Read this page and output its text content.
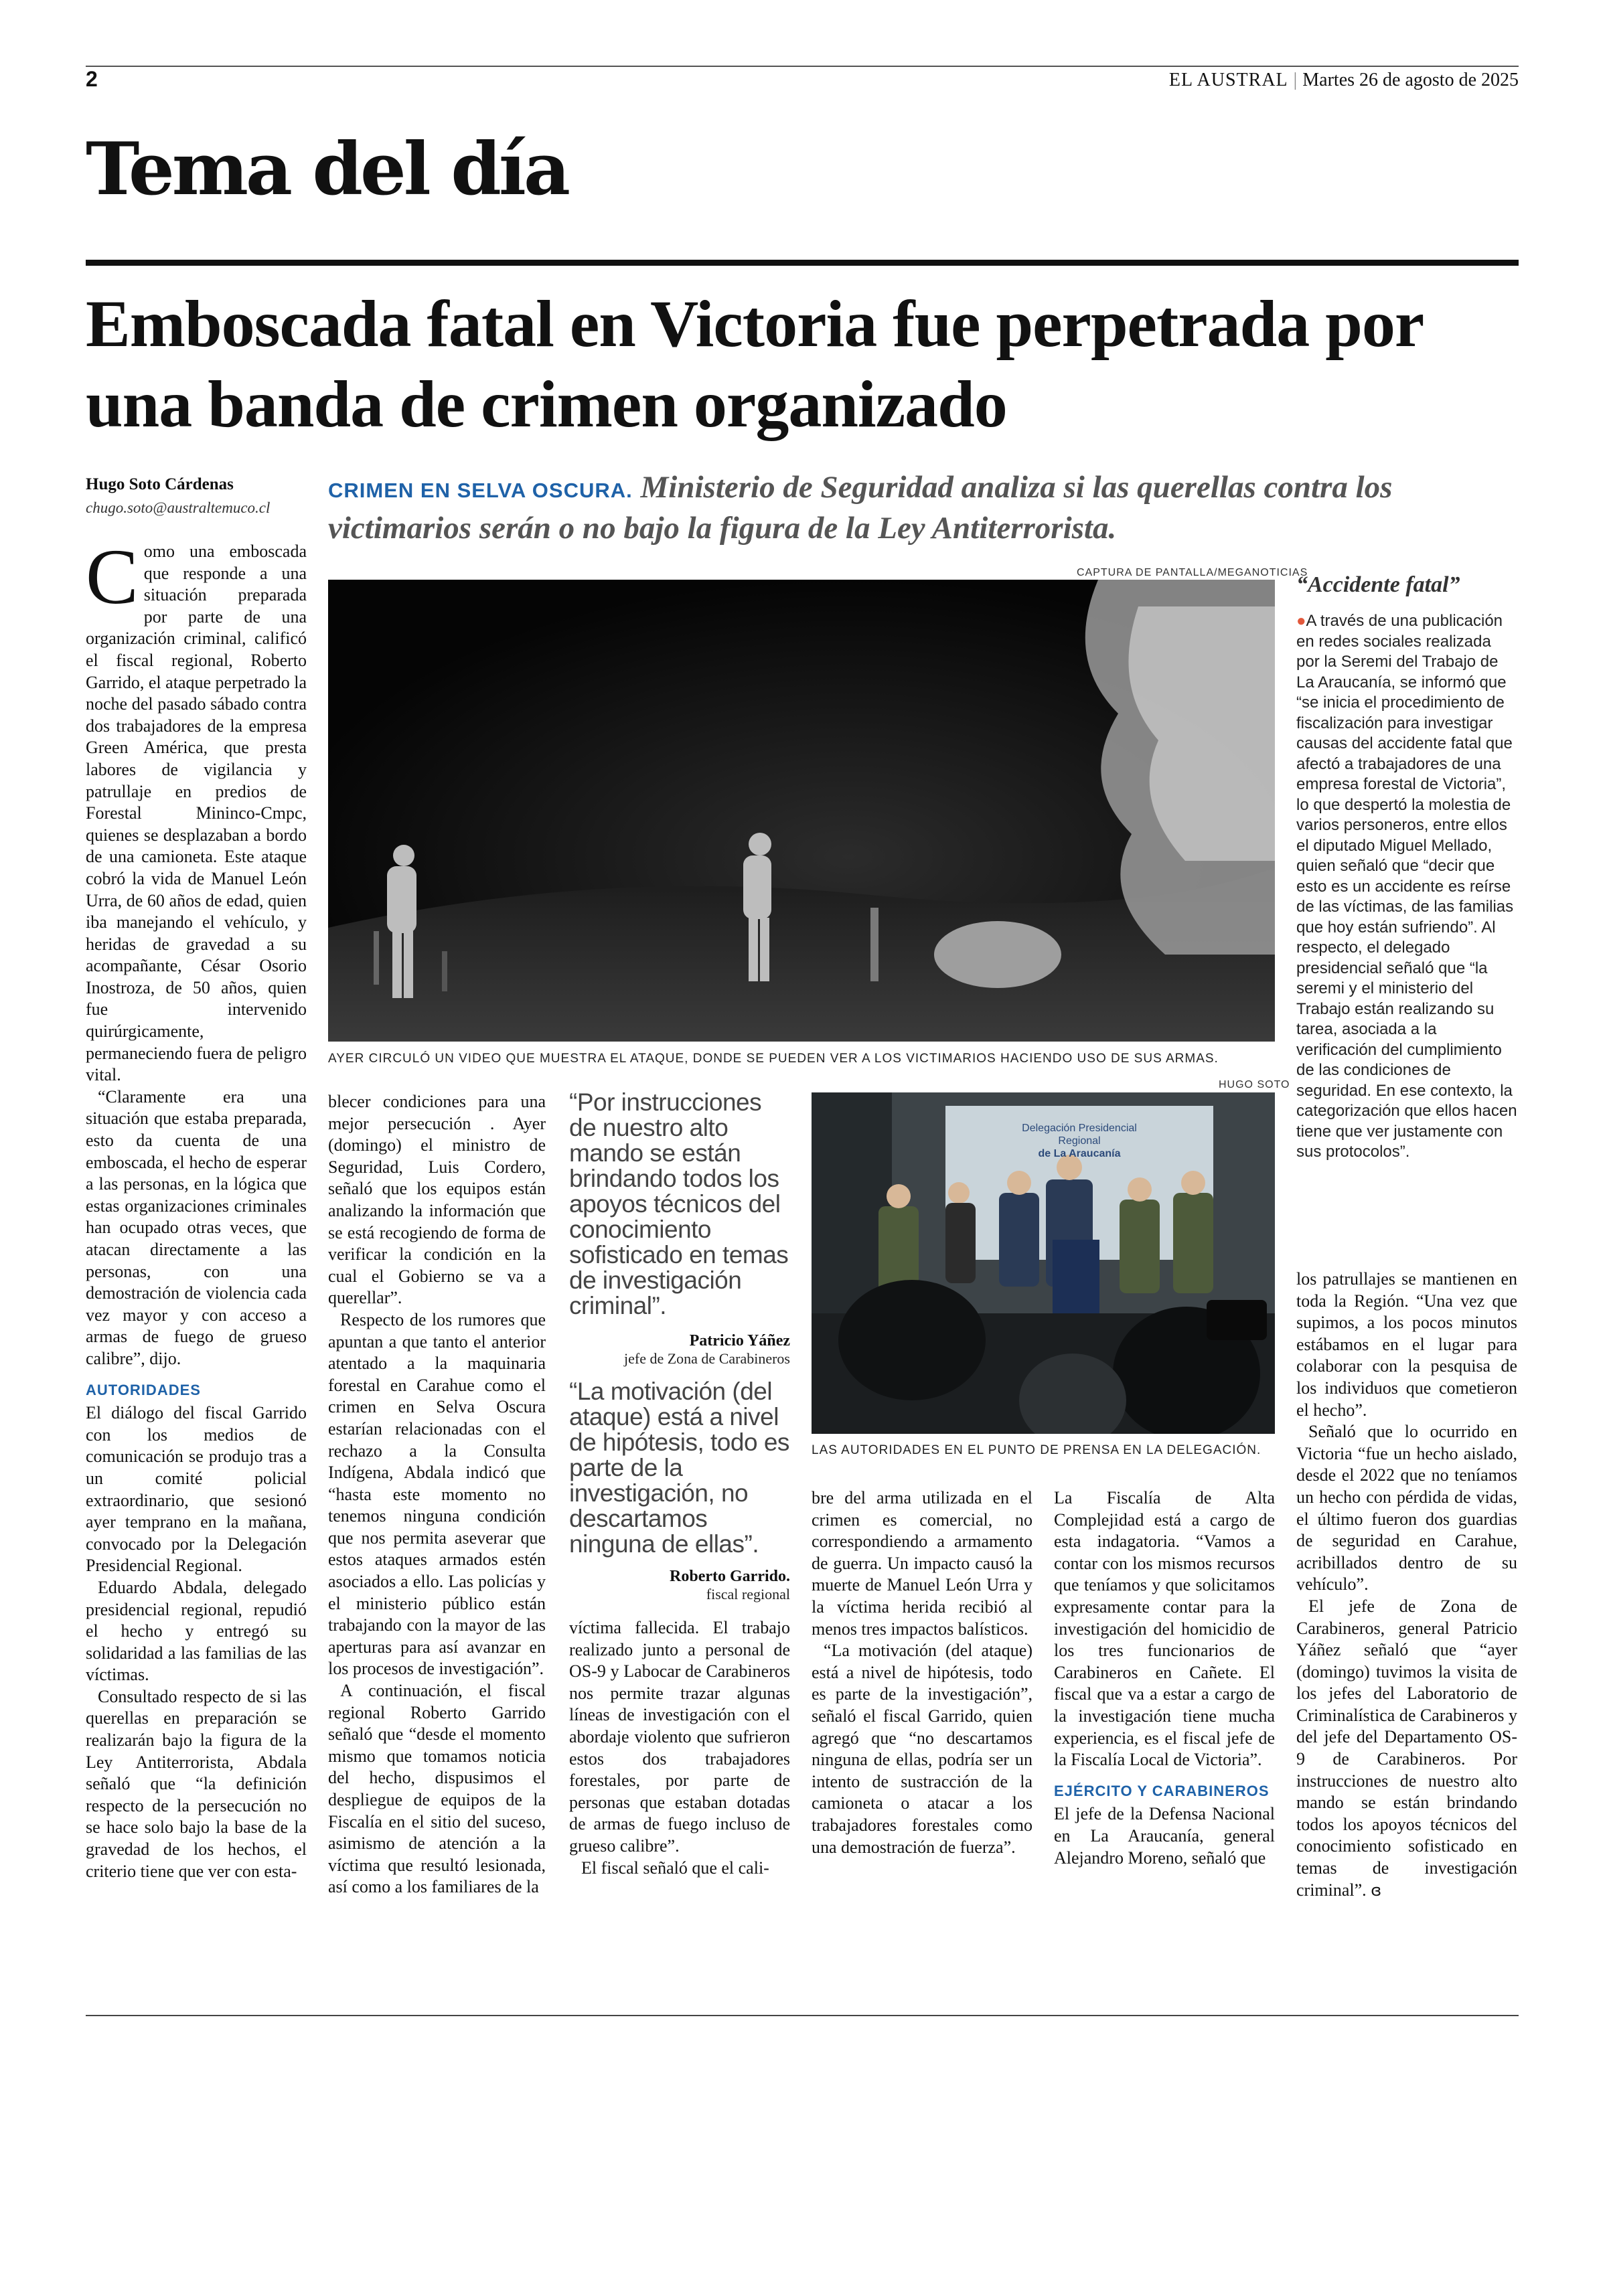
2	EL AUSTRAL | Martes 26 de agosto de 2025
Tema del día
Emboscada fatal en Victoria fue perpetrada por una banda de crimen organizado
Hugo Soto Cárdenas
chugo.soto@australtemuco.cl
CRIMEN EN SELVA OSCURA. Ministerio de Seguridad analiza si las querellas contra los victimarios serán o no bajo la figura de la Ley Antiterrorista.
CAPTURA DE PANTALLA/MEGANOTICIAS
AYER CIRCULÓ UN VIDEO QUE MUESTRA EL ATAQUE, DONDE SE PUEDEN VER A LOS VICTIMARIOS HACIENDO USO DE SUS ARMAS.

Como una emboscada que responde a una situación preparada por parte de una organización criminal, calificó el fiscal regional, Roberto Garrido, el ataque perpetrado la noche del pasado sábado contra dos trabajadores de la empresa Green América, que presta labores de vigilancia y patrullaje en predios de Forestal Mininco-Cmpc, quienes se desplazaban a bordo de una camioneta. Este ataque cobró la vida de Manuel León Urra, de 60 años de edad, quien iba manejando el vehículo, y heridas de gravedad a su acompañante, César Osorio Inostroza, de 50 años, quien fue intervenido quirúrgicamente, permaneciendo fuera de peligro vital.

“Claramente era una situación que estaba preparada, esto da cuenta de una emboscada, el hecho de esperar a las personas, en la lógica que estas organizaciones criminales han ocupado otras veces, que atacan directamente a las personas, con una demostración de violencia cada vez mayor y con acceso a armas de fuego de grueso calibre”, dijo.

AUTORIDADES

El diálogo del fiscal Garrido con los medios de comunicación se produjo tras a un comité policial extraordinario, que sesionó ayer temprano en la mañana, convocado por la Delegación Presidencial Regional.

Eduardo Abdala, delegado presidencial regional, repudió el hecho y entregó su solidaridad a las familias de las víctimas.

Consultado respecto de si las querellas en preparación se realizarán bajo la figura de la Ley Antiterrorista, Abdala señaló que “la definición respecto de la persecución no se hace solo bajo la base de la gravedad de los hechos, el criterio tiene que ver con esta-

blecer condiciones para una mejor persecución . Ayer (domingo) el ministro de Seguridad, Luis Cordero, señaló que los equipos están analizando la información que se está recogiendo de forma de verificar la condición en la cual el Gobierno se va a querellar”.

Respecto de los rumores que apuntan a que tanto el anterior atentado a la maquinaria forestal en Carahue como el crimen en Selva Oscura estarían relacionadas con el rechazo a la Consulta Indígena, Abdala indicó que “hasta este momento no tenemos ninguna condición que nos permita aseverar que estos ataques armados estén asociados a ello. Las policías y el ministerio público están trabajando con la mayor de las aperturas para así avanzar en los procesos de investigación”.

A continuación, el fiscal regional Roberto Garrido señaló que “desde el momento mismo que tomamos noticia del hecho, dispusimos el despliegue de equipos de la Fiscalía en el sitio del suceso, asimismo de atención a la víctima que resultó lesionada, así como a los familiares de la

“Por instrucciones de nuestro alto mando se están brindando todos los apoyos técnicos del conocimiento sofisticado en temas de investigación criminal”.
Patricio Yáñez
jefe de Zona de Carabineros
“La motivación (del ataque) está a nivel de hipótesis, todo es parte de la investigación, no descartamos ninguna de ellas”.
Roberto Garrido.
fiscal regional
HUGO SOTO
Delegación Presidencial Regional
de La Araucanía
LAS AUTORIDADES EN EL PUNTO DE PRENSA EN LA DELEGACIÓN.

víctima fallecida. El trabajo realizado junto a personal de OS-9 y Labocar de Carabineros nos permite trazar algunas líneas de investigación con el abordaje violento que sufrieron estos dos trabajadores forestales, por parte de personas que estaban dotadas de armas de fuego incluso de grueso calibre”.

El fiscal señaló que el cali-

bre del arma utilizada en el crimen es comercial, no correspondiendo a armamento de guerra. Un impacto causó la muerte de Manuel León Urra y la víctima herida recibió al menos tres impactos balísticos.

“La motivación (del ataque) está a nivel de hipótesis, todo es parte de la investigación”, señaló el fiscal Garrido, quien agregó que “no descartamos ninguna de ellas, podría ser un intento de sustracción de la camioneta o atacar a los trabajadores forestales como una demostración de fuerza”.

La Fiscalía de Alta Complejidad está a cargo de esta indagatoria. “Vamos a contar con los mismos recursos que teníamos y que solicitamos expresamente contar para la investigación del homicidio de los tres funcionarios de Carabineros en Cañete. El fiscal que va a estar a cargo de la investigación tiene mucha experiencia, es el fiscal jefe de la Fiscalía Local de Victoria”.

EJÉRCITO Y CARABINEROS

El jefe de la Defensa Nacional en La Araucanía, general Alejandro Moreno, señaló que

“Accidente fatal”
●A través de una publicación en redes sociales realizada por la Seremi del Trabajo de La Araucanía, se informó que “se inicia el procedimiento de fiscalización para investigar causas del accidente fatal que afectó a trabajadores de una empresa forestal de Victoria”, lo que despertó la molestia de varios personeros, entre ellos el diputado Miguel Mellado, quien señaló que “decir que esto es un accidente es reírse de las víctimas, de las familias que hoy están sufriendo”. Al respecto, el delegado presidencial señaló que “la seremi y el ministerio del Trabajo están realizando su tarea, asociada a la verificación del cumplimiento de las condiciones de seguridad. En ese contexto, la categorización que ellos hacen tiene que ver justamente con sus protocolos”.

los patrullajes se mantienen en toda la Región. “Una vez que supimos, a los pocos minutos estábamos en el lugar para colaborar con la pesquisa de los individuos que cometieron el hecho”.

Señaló que lo ocurrido en Victoria “fue un hecho aislado, desde el 2022 que no teníamos un hecho con pérdida de vidas, el último fueron dos guardias de seguridad en Carahue, acribillados dentro de su vehículo”.

El jefe de Zona de Carabineros, general Patricio Yáñez señaló que “ayer (domingo) tuvimos la visita de los jefes del Laboratorio de Criminalística de Carabineros y del jefe del Departamento OS-9 de Carabineros. Por instrucciones de nuestro alto mando se están brindando todos los apoyos técnicos del conocimiento sofisticado en temas de investigación criminal”. ɞ
